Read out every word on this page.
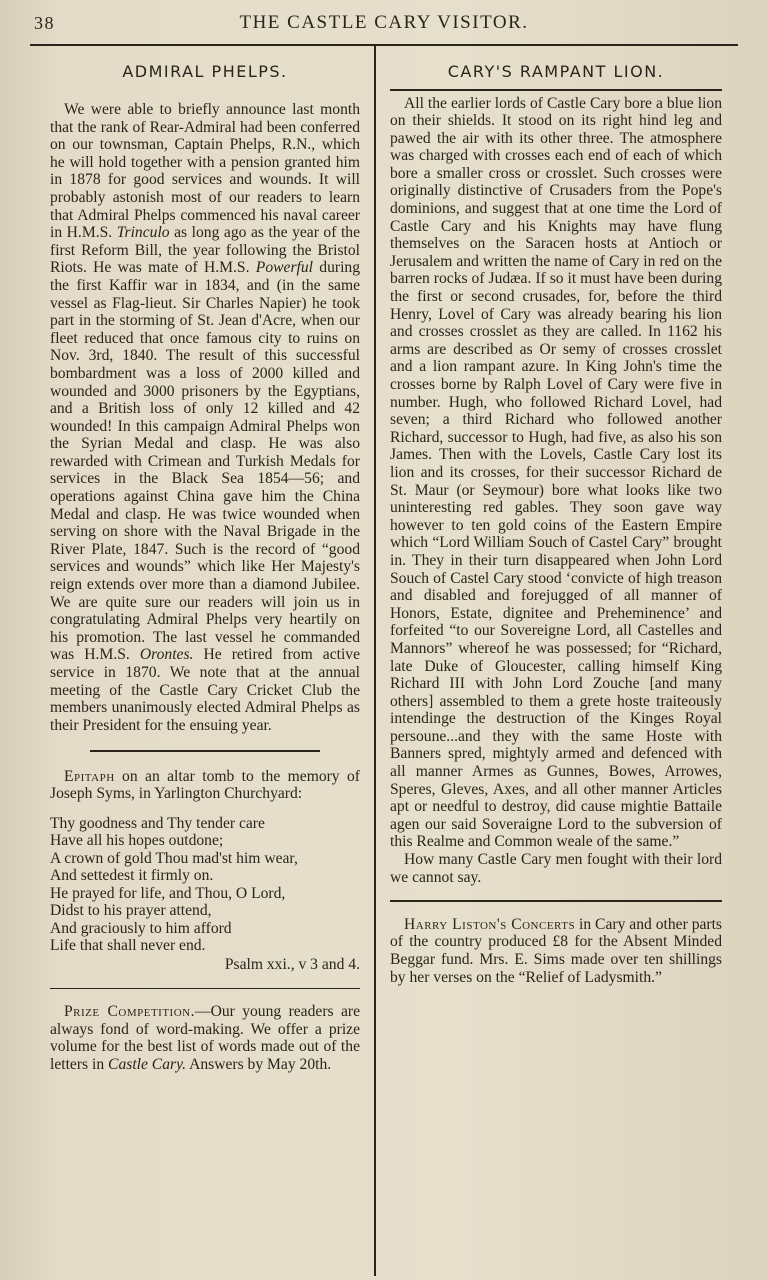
38	THE CASTLE CARY VISITOR.
ADMIRAL PHELPS.

We were able to briefly announce last month that the rank of Rear-Admiral had been conferred on our townsman, Captain Phelps, R.N., which he will hold together with a pension granted him in 1878 for good services and wounds. It will probably astonish most of our readers to learn that Admiral Phelps commenced his naval career in H.M.S. Trinculo as long ago as the year of the first Reform Bill, the year following the Bristol Riots. He was mate of H.M.S. Powerful during the first Kaffir war in 1834, and (in the same vessel as Flag-lieut. Sir Charles Napier) he took part in the storming of St. Jean d'Acre, when our fleet reduced that once famous city to ruins on Nov. 3rd, 1840. The result of this successful bombardment was a loss of 2000 killed and wounded and 3000 prisoners by the Egyptians, and a British loss of only 12 killed and 42 wounded! In this campaign Admiral Phelps won the Syrian Medal and clasp. He was also rewarded with Crimean and Turkish Medals for services in the Black Sea 1854—56; and operations against China gave him the China Medal and clasp. He was twice wounded when serving on shore with the Naval Brigade in the River Plate, 1847. Such is the record of “good services and wounds” which like Her Majesty's reign extends over more than a diamond Jubilee. We are quite sure our readers will join us in congratulating Admiral Phelps very heartily on his promotion. The last vessel he commanded was H.M.S. Orontes. He retired from active service in 1870. We note that at the annual meeting of the Castle Cary Cricket Club the members unanimously elected Admiral Phelps as their President for the ensuing year.

Epitaph on an altar tomb to the memory of Joseph Syms, in Yarlington Churchyard:

Thy goodness and Thy tender care
Have all his hopes outdone;
A crown of gold Thou mad'st him wear,
And settedest it firmly on.
He prayed for life, and Thou, O Lord,
Didst to his prayer attend,
And graciously to him afford
Life that shall never end.
Psalm xxi., v 3 and 4.

Prize Competition.—Our young readers are always fond of word-making. We offer a prize volume for the best list of words made out of the letters in Castle Cary. Answers by May 20th.

CARY'S RAMPANT LION.

All the earlier lords of Castle Cary bore a blue lion on their shields. It stood on its right hind leg and pawed the air with its other three. The atmosphere was charged with crosses each end of each of which bore a smaller cross or crosslet. Such crosses were originally distinctive of Crusaders from the Pope's dominions, and suggest that at one time the Lord of Castle Cary and his Knights may have flung themselves on the Saracen hosts at Antioch or Jerusalem and written the name of Cary in red on the barren rocks of Judæa. If so it must have been during the first or second crusades, for, before the third Henry, Lovel of Cary was already bearing his lion and crosses crosslet as they are called. In 1162 his arms are described as Or semy of crosses crosslet and a lion rampant azure. In King John's time the crosses borne by Ralph Lovel of Cary were five in number. Hugh, who followed Richard Lovel, had seven; a third Richard who followed another Richard, successor to Hugh, had five, as also his son James. Then with the Lovels, Castle Cary lost its lion and its crosses, for their successor Richard de St. Maur (or Seymour) bore what looks like two uninteresting red gables. They soon gave way however to ten gold coins of the Eastern Empire which “Lord William Souch of Castel Cary” brought in. They in their turn disappeared when John Lord Souch of Castel Cary stood ‘convicte of high treason and disabled and forejugged of all manner of Honors, Estate, dignitee and Preheminence’ and forfeited “to our Sovereigne Lord, all Castelles and Mannors” whereof he was possessed; for “Richard, late Duke of Gloucester, calling himself King Richard III with John Lord Zouche [and many others] assembled to them a grete hoste traiteously intendinge the destruction of the Kinges Royal persoune...and they with the same Hoste with Banners spred, mightyly armed and defenced with all manner Armes as Gunnes, Bowes, Arrowes, Speres, Gleves, Axes, and all other manner Articles apt or needful to destroy, did cause mightie Battaile agen our said Soveraigne Lord to the subversion of this Realme and Common weale of the same.”

How many Castle Cary men fought with their lord we cannot say.

Harry Liston's Concerts in Cary and other parts of the country produced £8 for the Absent Minded Beggar fund. Mrs. E. Sims made over ten shillings by her verses on the “Relief of Ladysmith.”
